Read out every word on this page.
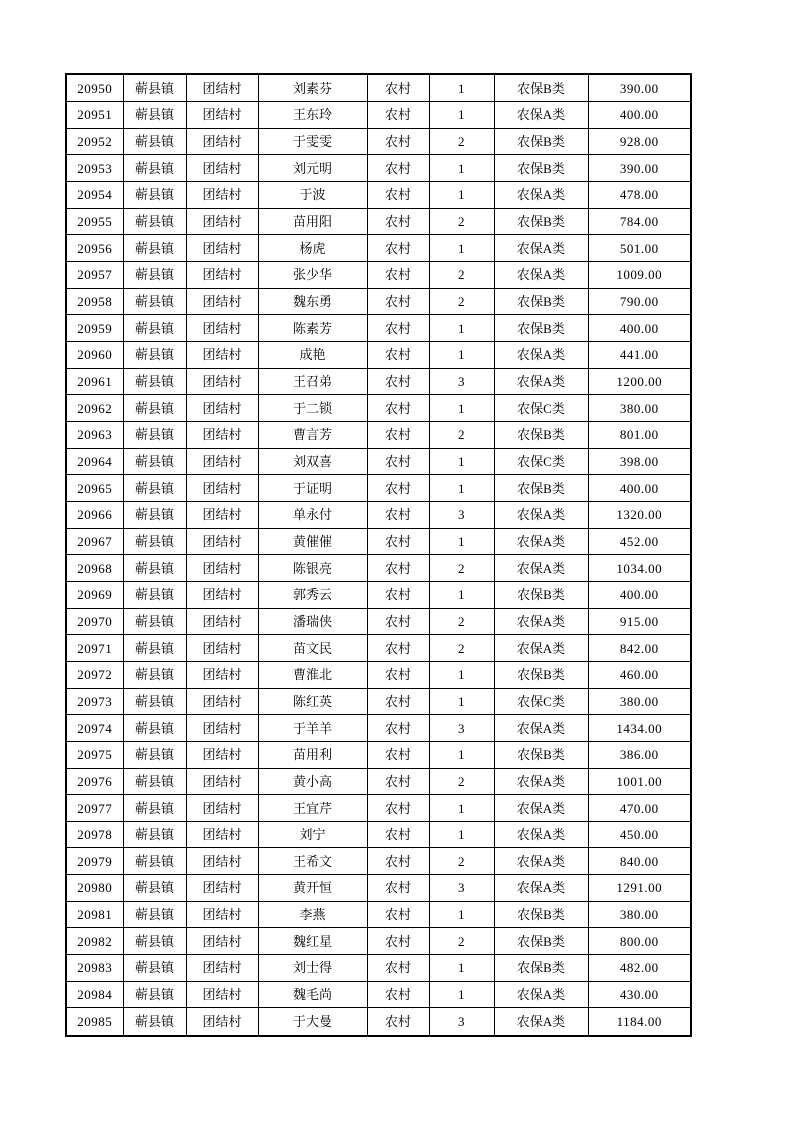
20950	蕲县镇	团结村	刘素芬	农村	1	农保B类	390.00
20951	蕲县镇	团结村	王东玲	农村	1	农保A类	400.00
20952	蕲县镇	团结村	于雯雯	农村	2	农保B类	928.00
20953	蕲县镇	团结村	刘元明	农村	1	农保B类	390.00
20954	蕲县镇	团结村	于波	农村	1	农保A类	478.00
20955	蕲县镇	团结村	苗用阳	农村	2	农保B类	784.00
20956	蕲县镇	团结村	杨虎	农村	1	农保A类	501.00
20957	蕲县镇	团结村	张少华	农村	2	农保A类	1009.00
20958	蕲县镇	团结村	魏东勇	农村	2	农保B类	790.00
20959	蕲县镇	团结村	陈素芳	农村	1	农保B类	400.00
20960	蕲县镇	团结村	成艳	农村	1	农保A类	441.00
20961	蕲县镇	团结村	王召弟	农村	3	农保A类	1200.00
20962	蕲县镇	团结村	于二锁	农村	1	农保C类	380.00
20963	蕲县镇	团结村	曹言芳	农村	2	农保B类	801.00
20964	蕲县镇	团结村	刘双喜	农村	1	农保C类	398.00
20965	蕲县镇	团结村	于证明	农村	1	农保B类	400.00
20966	蕲县镇	团结村	单永付	农村	3	农保A类	1320.00
20967	蕲县镇	团结村	黄催催	农村	1	农保A类	452.00
20968	蕲县镇	团结村	陈银亮	农村	2	农保A类	1034.00
20969	蕲县镇	团结村	郭秀云	农村	1	农保B类	400.00
20970	蕲县镇	团结村	潘瑞侠	农村	2	农保A类	915.00
20971	蕲县镇	团结村	苗文民	农村	2	农保A类	842.00
20972	蕲县镇	团结村	曹淮北	农村	1	农保B类	460.00
20973	蕲县镇	团结村	陈红英	农村	1	农保C类	380.00
20974	蕲县镇	团结村	于羊羊	农村	3	农保A类	1434.00
20975	蕲县镇	团结村	苗用利	农村	1	农保B类	386.00
20976	蕲县镇	团结村	黄小高	农村	2	农保A类	1001.00
20977	蕲县镇	团结村	王宜芹	农村	1	农保A类	470.00
20978	蕲县镇	团结村	刘宁	农村	1	农保A类	450.00
20979	蕲县镇	团结村	王希文	农村	2	农保A类	840.00
20980	蕲县镇	团结村	黄开恒	农村	3	农保A类	1291.00
20981	蕲县镇	团结村	李燕	农村	1	农保B类	380.00
20982	蕲县镇	团结村	魏红星	农村	2	农保B类	800.00
20983	蕲县镇	团结村	刘士得	农村	1	农保B类	482.00
20984	蕲县镇	团结村	魏毛尚	农村	1	农保A类	430.00
20985	蕲县镇	团结村	于大曼	农村	3	农保A类	1184.00
